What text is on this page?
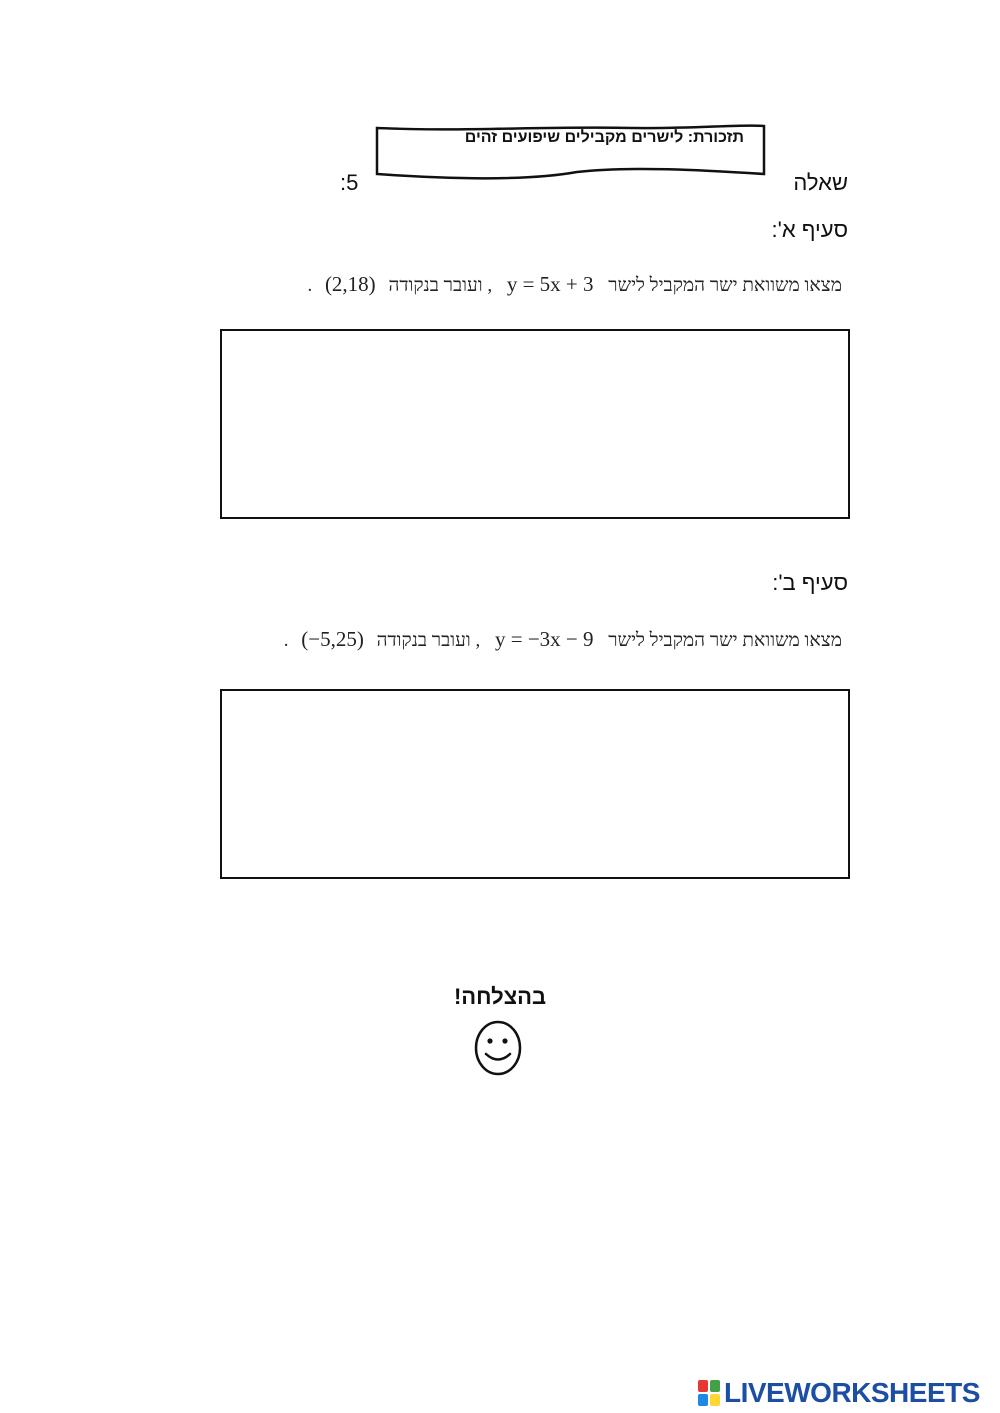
תזכורת: לישרים מקבילים שיפועים זהים
שאלה
:5
סעיף א':
מצאו משוואת ישר המקביל לישר y = 5x + 3 , ועובר בנקודה (2,18) .
סעיף ב':
מצאו משוואת ישר המקביל לישר y = −3x − 9 , ועובר בנקודה (−5,25) .
בהצלחה!
LIVEWORKSHEETS
